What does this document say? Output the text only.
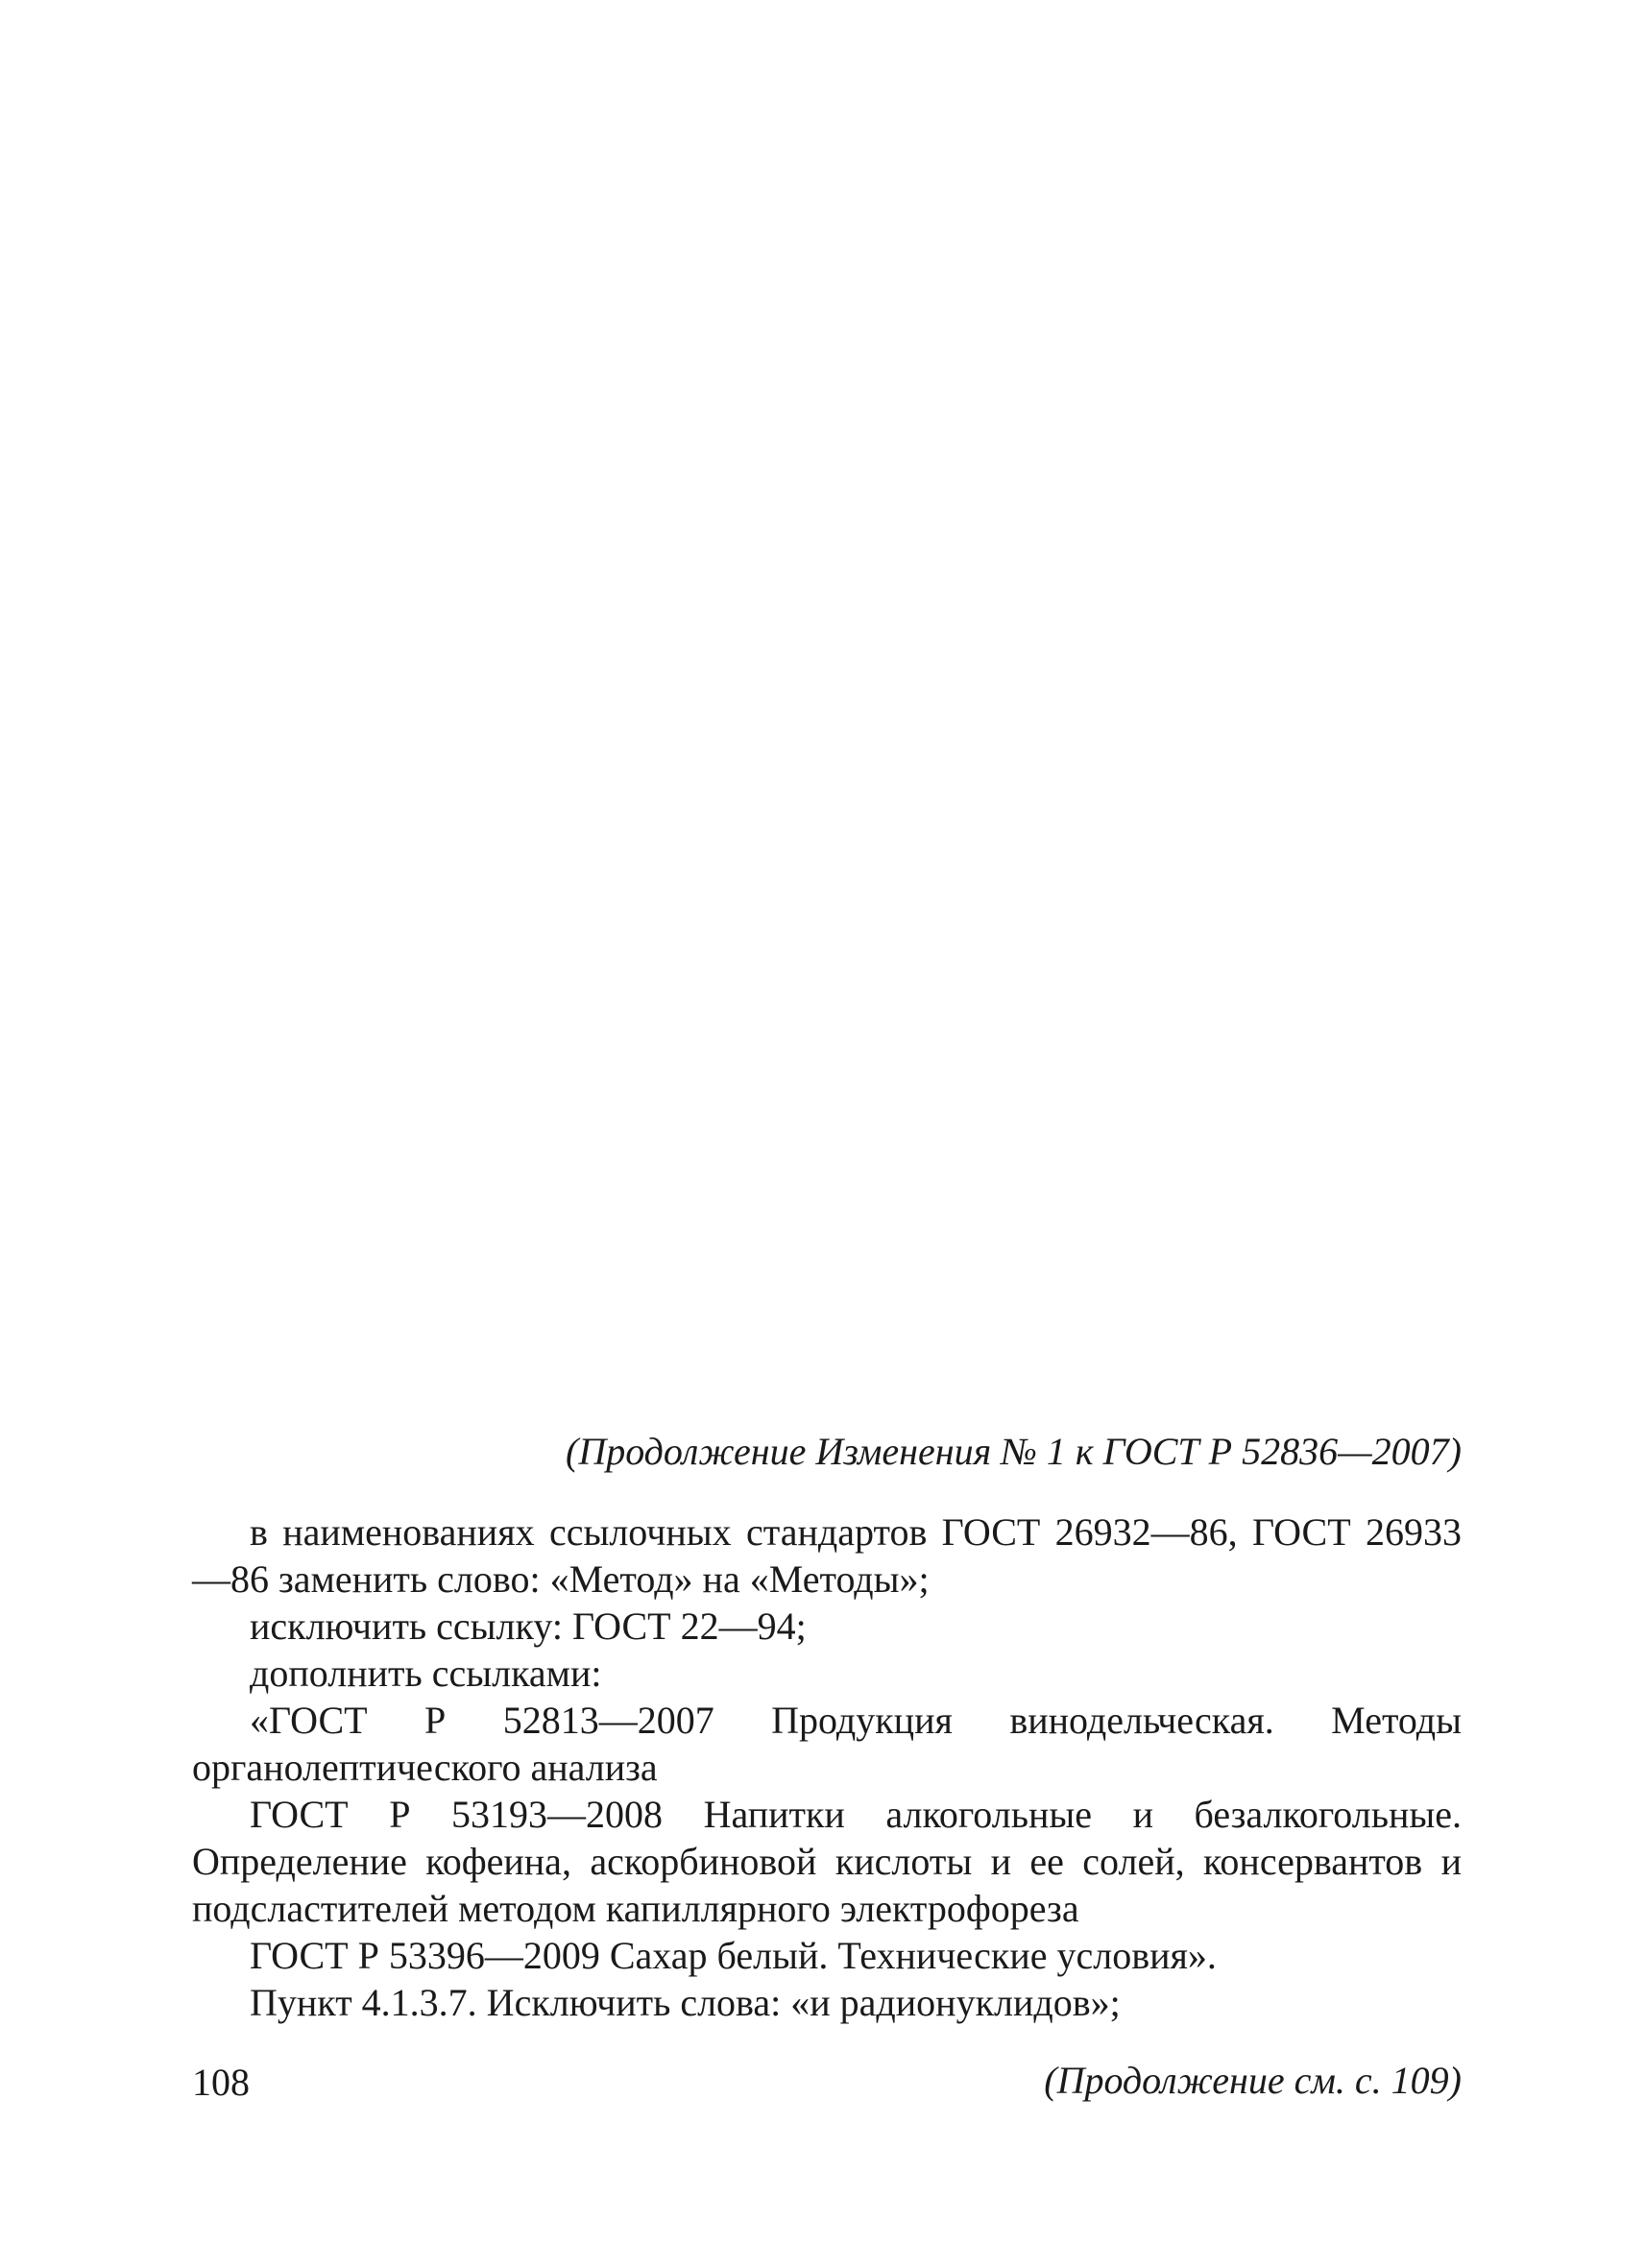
(Продолжение Изменения № 1 к ГОСТ Р 52836—2007)

в наименованиях ссылочных стандартов ГОСТ 26932—86, ГОСТ 26933—86 заменить слово: «Метод» на «Методы»;

исключить ссылку: ГОСТ 22—94;

дополнить ссылками:

«ГОСТ Р 52813—2007 Продукция винодельческая. Методы органолептического анализа

ГОСТ Р 53193—2008 Напитки алкогольные и безалкогольные. Определение кофеина, аскорбиновой кислоты и ее солей, консервантов и подсластителей методом капиллярного электрофореза

ГОСТ Р 53396—2009 Сахар белый. Технические условия».

Пункт 4.1.3.7. Исключить слова: «и радионуклидов»;

(Продолжение см. с. 109)

108
